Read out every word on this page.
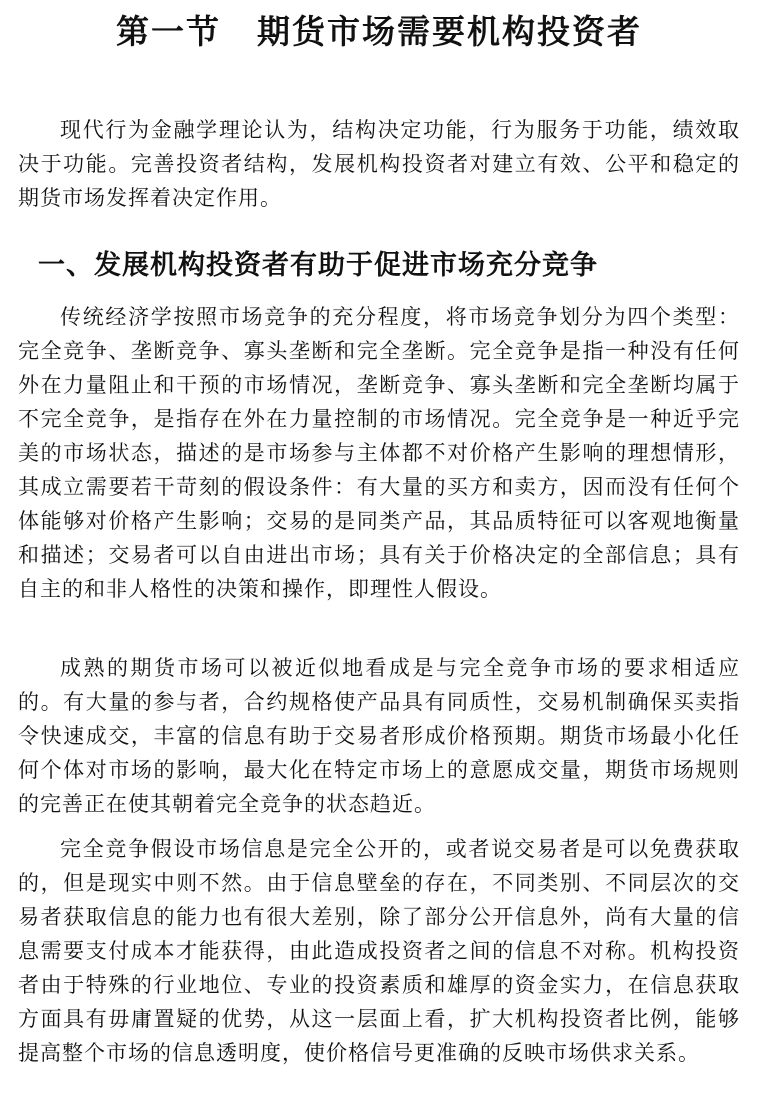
第一节 期货市场需要机构投资者

现代行为金融学理论认为，结构决定功能，行为服务于功能，绩效取决于功能。完善投资者结构，发展机构投资者对建立有效、公平和稳定的期货市场发挥着决定作用。

一、发展机构投资者有助于促进市场充分竞争

传统经济学按照市场竞争的充分程度，将市场竞争划分为四个类型：完全竞争、垄断竞争、寡头垄断和完全垄断。完全竞争是指一种没有任何外在力量阻止和干预的市场情况，垄断竞争、寡头垄断和完全垄断均属于不完全竞争，是指存在外在力量控制的市场情况。完全竞争是一种近乎完美的市场状态，描述的是市场参与主体都不对价格产生影响的理想情形，其成立需要若干苛刻的假设条件：有大量的买方和卖方，因而没有任何个体能够对价格产生影响；交易的是同类产品，其品质特征可以客观地衡量和描述；交易者可以自由进出市场；具有关于价格决定的全部信息；具有自主的和非人格性的决策和操作，即理性人假设。

成熟的期货市场可以被近似地看成是与完全竞争市场的要求相适应的。有大量的参与者，合约规格使产品具有同质性，交易机制确保买卖指令快速成交，丰富的信息有助于交易者形成价格预期。期货市场最小化任何个体对市场的影响，最大化在特定市场上的意愿成交量，期货市场规则的完善正在使其朝着完全竞争的状态趋近。

完全竞争假设市场信息是完全公开的，或者说交易者是可以免费获取的，但是现实中则不然。由于信息壁垒的存在，不同类别、不同层次的交易者获取信息的能力也有很大差别，除了部分公开信息外，尚有大量的信息需要支付成本才能获得，由此造成投资者之间的信息不对称。机构投资者由于特殊的行业地位、专业的投资素质和雄厚的资金实力，在信息获取方面具有毋庸置疑的优势，从这一层面上看，扩大机构投资者比例，能够提高整个市场的信息透明度，使价格信号更准确的反映市场供求关系。
